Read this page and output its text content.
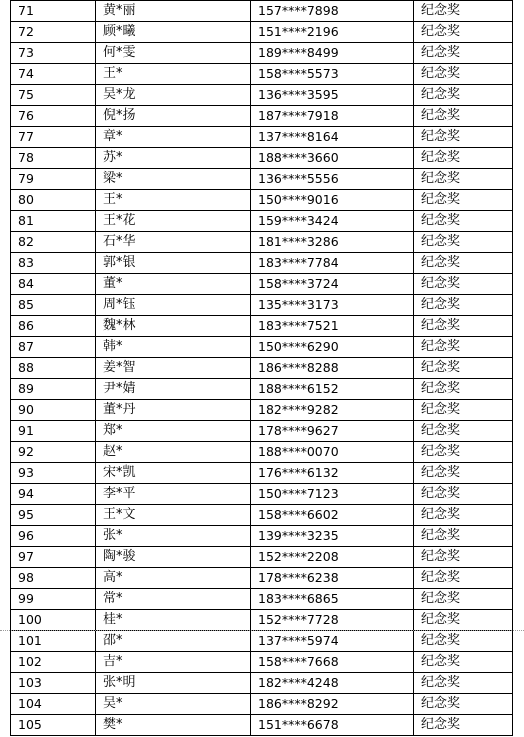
71	黄*丽	157****7898	纪念奖
72	顾*曦	151****2196	纪念奖
73	何*雯	189****8499	纪念奖
74	王*	158****5573	纪念奖
75	吴*龙	136****3595	纪念奖
76	倪*扬	187****7918	纪念奖
77	章*	137****8164	纪念奖
78	苏*	188****3660	纪念奖
79	梁*	136****5556	纪念奖
80	王*	150****9016	纪念奖
81	王*花	159****3424	纪念奖
82	石*华	181****3286	纪念奖
83	郭*银	183****7784	纪念奖
84	董*	158****3724	纪念奖
85	周*钰	135****3173	纪念奖
86	魏*林	183****7521	纪念奖
87	韩*	150****6290	纪念奖
88	姜*智	186****8288	纪念奖
89	尹*婧	188****6152	纪念奖
90	董*丹	182****9282	纪念奖
91	郑*	178****9627	纪念奖
92	赵*	188****0070	纪念奖
93	宋*凯	176****6132	纪念奖
94	李*平	150****7123	纪念奖
95	王*文	158****6602	纪念奖
96	张*	139****3235	纪念奖
97	陶*骏	152****2208	纪念奖
98	高*	178****6238	纪念奖
99	常*	183****6865	纪念奖
100	桂*	152****7728	纪念奖
101	邵*	137****5974	纪念奖
102	吉*	158****7668	纪念奖
103	张*明	182****4248	纪念奖
104	吴*	186****8292	纪念奖
105	樊*	151****6678	纪念奖
